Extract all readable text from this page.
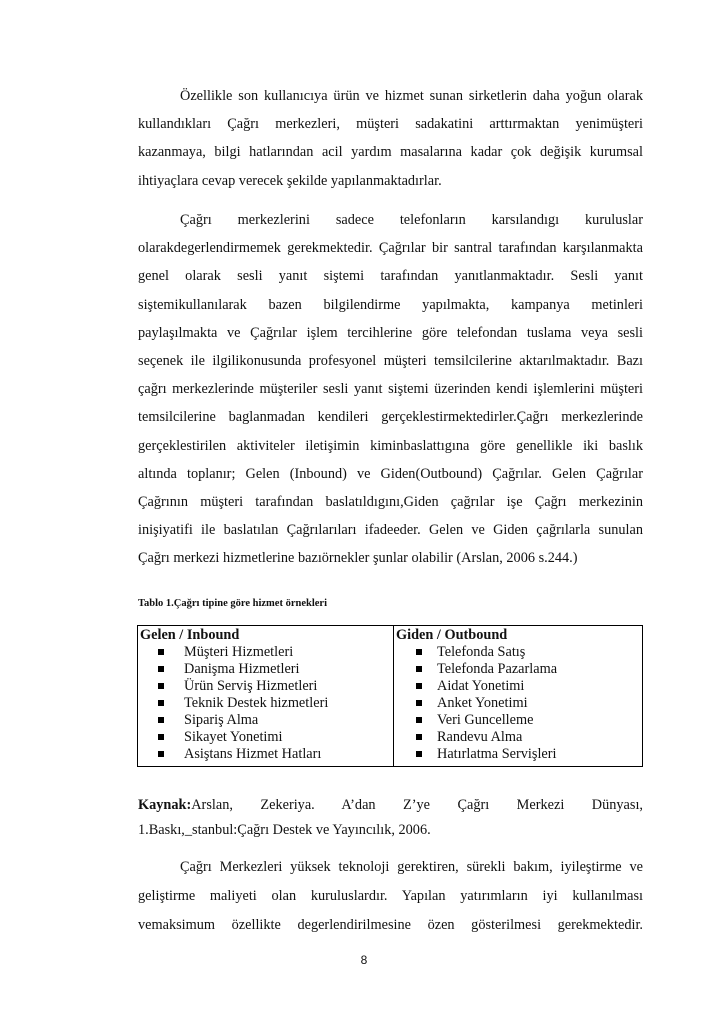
Özellikle son kullanıcıya ürün ve hizmet sunan sirketlerin daha yoğun olarak
kullandıkları Çağrı merkezleri, müşteri sadakatini arttırmaktan yenimüşteri
kazanmaya, bilgi hatlarından acil yardım masalarına kadar çok değişik kurumsal
ihtiyaçlara cevap verecek şekilde yapılanmaktadırlar.
Çağrı merkezlerini sadece telefonların karsılandıgı kuruluslar
olarakdegerlendirmemek gerekmektedir. Çağrılar bir santral tarafından karşılanmakta
genel olarak sesli yanıt siştemi tarafından yanıtlanmaktadır. Sesli yanıt
siştemikullanılarak bazen bilgilendirme yapılmakta, kampanya metinleri
paylaşılmakta ve Çağrılar işlem tercihlerine göre telefondan tuslama veya sesli
seçenek ile ilgilikonusunda profesyonel müşteri temsilcilerine aktarılmaktadır. Bazı
çağrı merkezlerinde müşteriler sesli yanıt siştemi üzerinden kendi işlemlerini müşteri
temsilcilerine baglanmadan kendileri gerçeklestirmektedirler.Çağrı merkezlerinde
gerçeklestirilen aktiviteler iletişimin kiminbaslattıgına göre genellikle iki baslık
altında toplanır; Gelen (Inbound) ve Giden(Outbound) Çağrılar. Gelen Çağrılar
Çağrının müşteri tarafından baslatıldıgını,Giden çağrılar işe Çağrı merkezinin
inişiyatifi ile baslatılan Çağrılarıları ifadeeder. Gelen ve Giden çağrılarla sunulan
Çağrı merkezi hizmetlerine bazıörnekler şunlar olabilir (Arslan, 2006 s.244.)
Tablo 1.Çağrı tipine göre hizmet örnekleri
Gelen / Inbound
Müşteri Hizmetleri
Danişma Hizmetleri
Ürün Serviş Hizmetleri
Teknik Destek hizmetleri
Sipariş Alma
Sikayet Yonetimi
Asiştans Hizmet Hatları

Giden / Outbound
Telefonda Satış
Telefonda Pazarlama
Aidat Yonetimi
Anket Yonetimi
Veri Guncelleme
Randevu Alma
Hatırlatma Servişleri
Kaynak:Arslan, Zekeriya. A’dan Z’ye Çağrı Merkezi Dünyası,
1.Baskı,_stanbul:Çağrı Destek ve Yayıncılık, 2006.
Çağrı Merkezleri yüksek teknoloji gerektiren, sürekli bakım, iyileştirme ve
geliştirme maliyeti olan kuruluslardır. Yapılan yatırımların iyi kullanılması
vemaksimum özellikte degerlendirilmesine özen gösterilmesi gerekmektedir.
8
